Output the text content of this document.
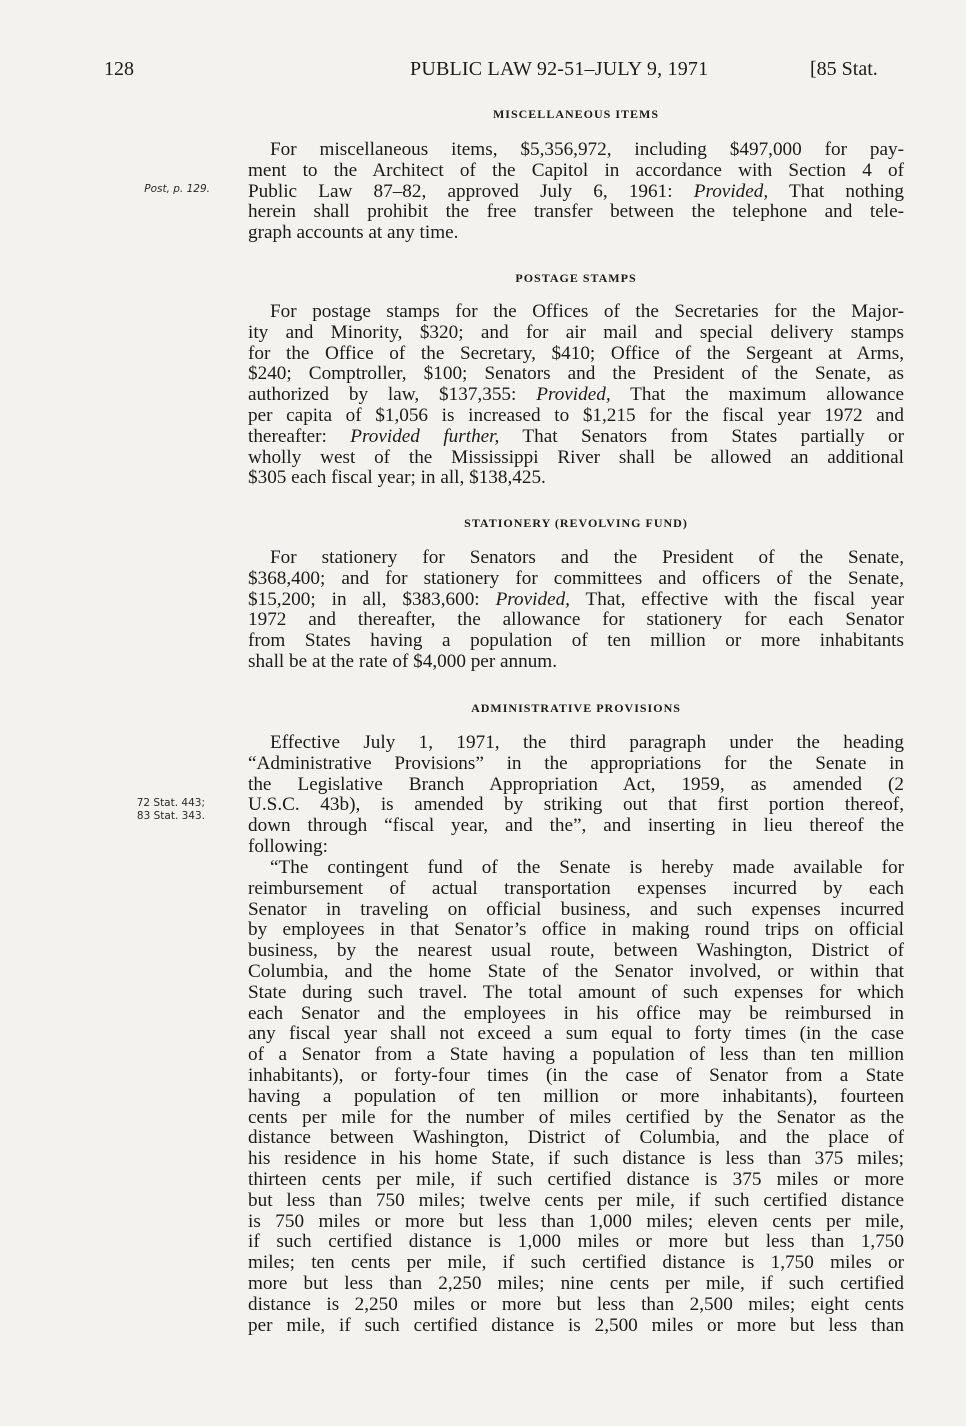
128	PUBLIC LAW 92-51–JULY 9, 1971	[85 Stat.
MISCELLANEOUS ITEMS
For miscellaneous items, $5,356,972, including $497,000 for pay-
ment to the Architect of the Capitol in accordance with Section 4 of
Public Law 87–82, approved July 6, 1961: Provided, That nothing
herein shall prohibit the free transfer between the telephone and tele-
graph accounts at any time.
Post, p. 129.
POSTAGE STAMPS
For postage stamps for the Offices of the Secretaries for the Major-
ity and Minority, $320; and for air mail and special delivery stamps
for the Office of the Secretary, $410; Office of the Sergeant at Arms,
$240; Comptroller, $100; Senators and the President of the Senate, as
authorized by law, $137,355: Provided, That the maximum allowance
per capita of $1,056 is increased to $1,215 for the fiscal year 1972 and
thereafter: Provided further, That Senators from States partially or
wholly west of the Mississippi River shall be allowed an additional
$305 each fiscal year; in all, $138,425.
STATIONERY (REVOLVING FUND)
For stationery for Senators and the President of the Senate,
$368,400; and for stationery for committees and officers of the Senate,
$15,200; in all, $383,600: Provided, That, effective with the fiscal year
1972 and thereafter, the allowance for stationery for each Senator
from States having a population of ten million or more inhabitants
shall be at the rate of $4,000 per annum.
ADMINISTRATIVE PROVISIONS
Effective July 1, 1971, the third paragraph under the heading
“Administrative Provisions” in the appropriations for the Senate in
the Legislative Branch Appropriation Act, 1959, as amended (2
U.S.C. 43b), is amended by striking out that first portion thereof,
down through “fiscal year, and the”, and inserting in lieu thereof the
following:
72 Stat. 443;
83 Stat. 343.
“The contingent fund of the Senate is hereby made available for
reimbursement of actual transportation expenses incurred by each
Senator in traveling on official business, and such expenses incurred
by employees in that Senator’s office in making round trips on official
business, by the nearest usual route, between Washington, District of
Columbia, and the home State of the Senator involved, or within that
State during such travel. The total amount of such expenses for which
each Senator and the employees in his office may be reimbursed in
any fiscal year shall not exceed a sum equal to forty times (in the case
of a Senator from a State having a population of less than ten million
inhabitants), or forty-four times (in the case of Senator from a State
having a population of ten million or more inhabitants), fourteen
cents per mile for the number of miles certified by the Senator as the
distance between Washington, District of Columbia, and the place of
his residence in his home State, if such distance is less than 375 miles;
thirteen cents per mile, if such certified distance is 375 miles or more
but less than 750 miles; twelve cents per mile, if such certified distance
is 750 miles or more but less than 1,000 miles; eleven cents per mile,
if such certified distance is 1,000 miles or more but less than 1,750
miles; ten cents per mile, if such certified distance is 1,750 miles or
more but less than 2,250 miles; nine cents per mile, if such certified
distance is 2,250 miles or more but less than 2,500 miles; eight cents
per mile, if such certified distance is 2,500 miles or more but less than
